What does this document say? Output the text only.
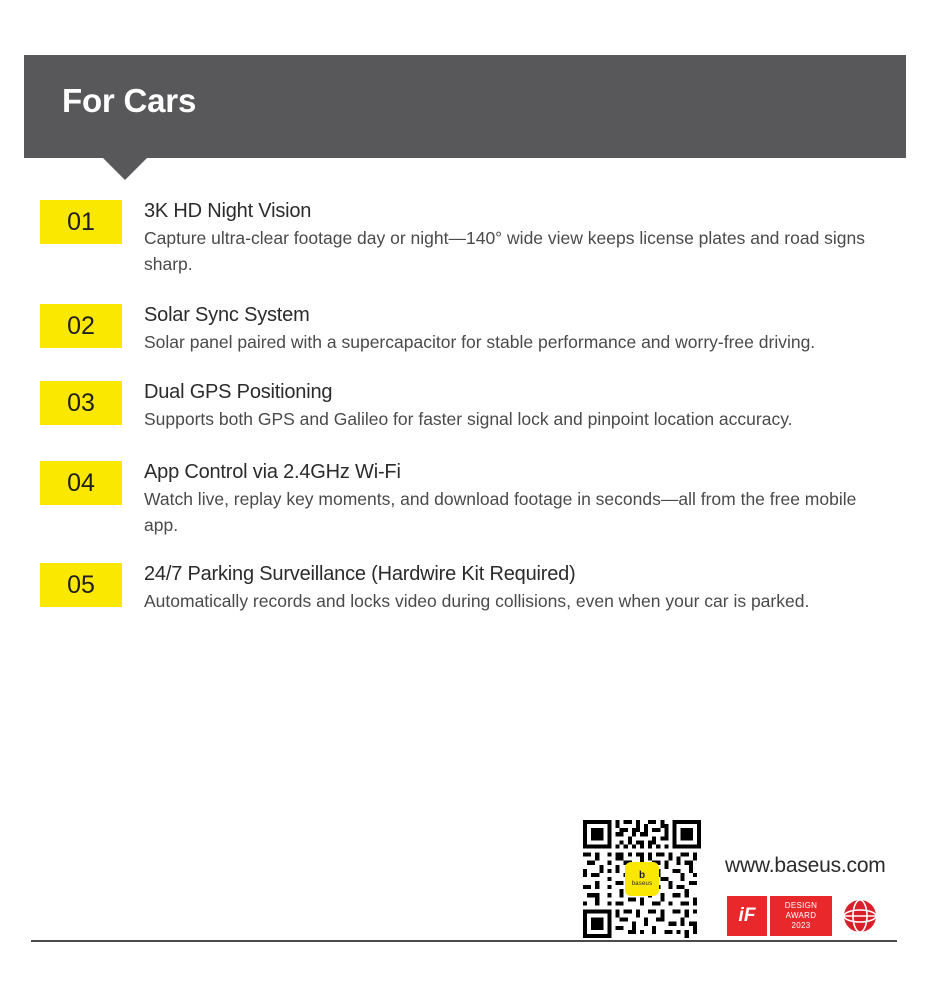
For Cars
01	3K HD Night Vision

Capture ultra-clear footage day or night—140° wide view keeps license plates and road signs sharp.

02	Solar Sync System

Solar panel paired with a supercapacitor for stable performance and worry-free driving.

03	Dual GPS Positioning

Supports both GPS and Galileo for faster signal lock and pinpoint location accuracy.

04	App Control via 2.4GHz Wi-Fi

Watch live, replay key moments, and download footage in seconds—all from the free mobile app.

05	24/7 Parking Surveillance (Hardwire Kit Required)

Automatically records and locks video during collisions, even when your car is parked.

b
baseus
www.baseus.com
iF	DESIGN
AWARD
2023
